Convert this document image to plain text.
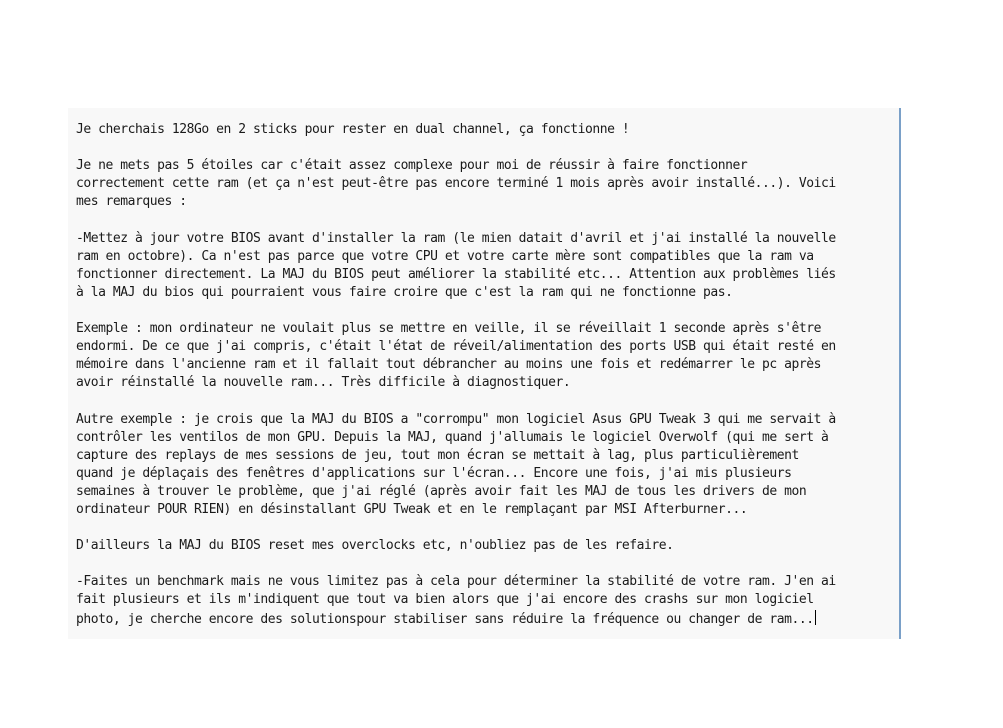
Je cherchais 128Go en 2 sticks pour rester en dual channel, ça fonctionne !

Je ne mets pas 5 étoiles car c'était assez complexe pour moi de réussir à faire fonctionner
correctement cette ram (et ça n'est peut-être pas encore terminé 1 mois après avoir installé...). Voici
mes remarques :

-Mettez à jour votre BIOS avant d'installer la ram (le mien datait d'avril et j'ai installé la nouvelle
ram en octobre). Ca n'est pas parce que votre CPU et votre carte mère sont compatibles que la ram va
fonctionner directement. La MAJ du BIOS peut améliorer la stabilité etc... Attention aux problèmes liés
à la MAJ du bios qui pourraient vous faire croire que c'est la ram qui ne fonctionne pas.

Exemple : mon ordinateur ne voulait plus se mettre en veille, il se réveillait 1 seconde après s'être
endormi. De ce que j'ai compris, c'était l'état de réveil/alimentation des ports USB qui était resté en
mémoire dans l'ancienne ram et il fallait tout débrancher au moins une fois et redémarrer le pc après
avoir réinstallé la nouvelle ram... Très difficile à diagnostiquer.

Autre exemple : je crois que la MAJ du BIOS a "corrompu" mon logiciel Asus GPU Tweak 3 qui me servait à
contrôler les ventilos de mon GPU. Depuis la MAJ, quand j'allumais le logiciel Overwolf (qui me sert à
capture des replays de mes sessions de jeu, tout mon écran se mettait à lag, plus particulièrement
quand je déplaçais des fenêtres d'applications sur l'écran... Encore une fois, j'ai mis plusieurs
semaines à trouver le problème, que j'ai réglé (après avoir fait les MAJ de tous les drivers de mon
ordinateur POUR RIEN) en désinstallant GPU Tweak et en le remplaçant par MSI Afterburner...

D'ailleurs la MAJ du BIOS reset mes overclocks etc, n'oubliez pas de les refaire.

-Faites un benchmark mais ne vous limitez pas à cela pour déterminer la stabilité de votre ram. J'en ai
fait plusieurs et ils m'indiquent que tout va bien alors que j'ai encore des crashs sur mon logiciel
photo, je cherche encore des solutionspour stabiliser sans réduire la fréquence ou changer de ram...
